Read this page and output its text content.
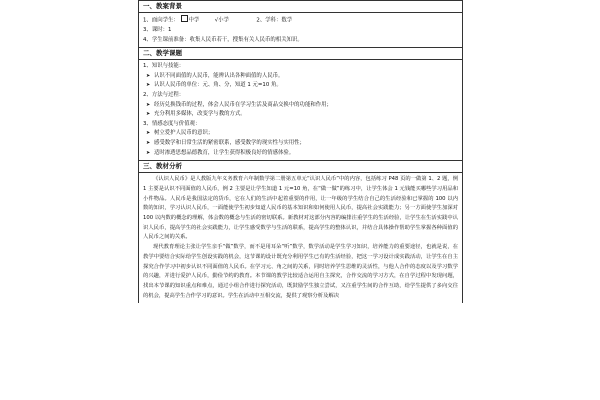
一、教案背景
1、面向学生： 中学	√小学	2、学科：数学
3、课时：1
4、学生课前准备：收集人民币若干，搜集有关人民币的相关知识。
二、教学课题
1、知识与技能：
➤ 认识不同面值的人民币，能辨认出各种面值的人民币。
➤ 认识人民币的单位：元、角、分，知道 1 元=10 角。
2、方法与过程：
➤ 经历兑换钱币的过程，体会人民币在学习生活及商品交换中的功能和作用；
➤ 充分利用多媒体，改变学与教的方式。
3、情感态度与价值观：
➤ 树立爱护人民币的意识；
➤ 感受数学和日常生活的紧密联系，感受数学的现实性与实用性；
➤ 适时渗透思想品德教育，让学生获得积极良好的情感体验。
三、教材分析
《认识人民币》是人教版九年义务教育六年制数学第二册第五单元“认识人民币”中的内容，包括练习 P48 页的一做第 1、2 题，例 1 主要是认识不同面值的人民币，例 2 主要是让学生知道 1 元=10 角，在“做一做”的练习中，让学生体会 1 元钱能买哪些学习用品和小件物品。人民币是我国法定的货币，它在人们的生活中起着重要的作用，让一年级的学生结合自己的生活经验和已掌握的 100 以内数的知识，学习认识人民币，一面能使学生初步知道人民币的基本知识和如何使用人民币，提高社会实践能力；另一方面使学生加深对 100 以内数的概念的理解，体会数的概念与生活的密切联系。新教材对这部分内容的编排注重学生的生活经验，让学生在生活实践中认识人民币，提高学生的社会实践能力，让学生感受数学与生活的联系，提高学生的整体认识，并结合具体操作帮助学生掌握各种面值的人民币之间的关系。
现代教育理论主张让学生亲手“做”数学，而不是用耳朵“听”数学，数学活动是学生学习知识，培养能力的重要途径，也就是说，在教学中要结合实际给学生创设实践的机会，这节课的设计既充分利用学生已有的生活经验，把这一学习设计成实践活动，让学生在自主探究合作学习中初步认识不同面值的人民币。在学习元、角之间的关系，同时培养学生思维的灵活性，与他人合作的态度以及学习数学的兴趣，并进行爱护人民币，勤俭节约的教育。本节课的教学比较适合运用自主探究，合作交流的学习方式，在自学过程中发现问题，找出本节课的知识重点和难点，通过小组合作进行探究活动，既鼓励学生独立尝试，又注重学生间的合作互助，给学生提供了多向交往的机会，提高学生合作学习的意识。学生在活动中互相交流，提供了观察分析及解决
